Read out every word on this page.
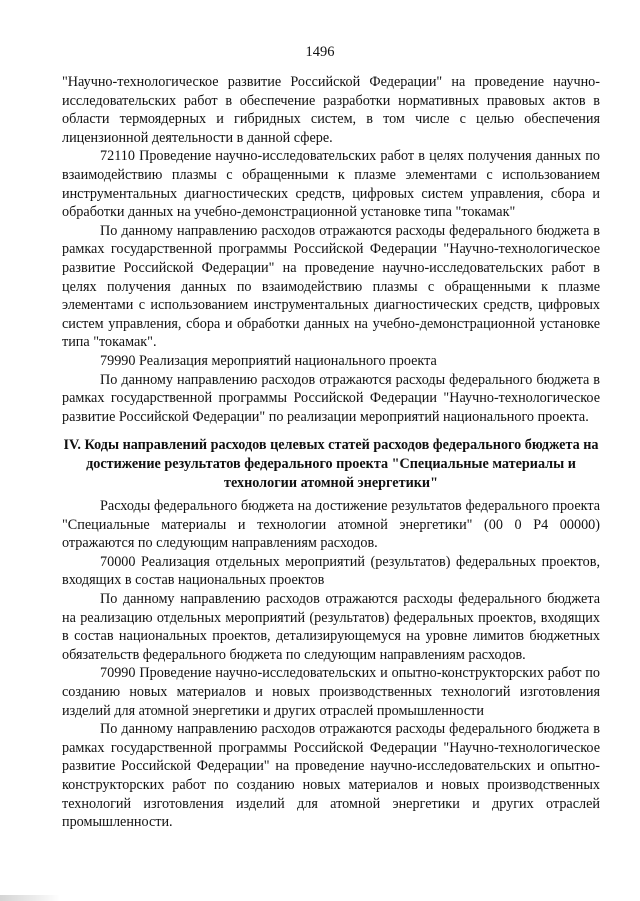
1496

"Научно-технологическое развитие Российской Федерации" на проведение научно-исследовательских работ в обеспечение разработки нормативных правовых актов в области термоядерных и гибридных систем, в том числе с целью обеспечения лицензионной деятельности в данной сфере.

72110 Проведение научно-исследовательских работ в целях получения данных по взаимодействию плазмы с обращенными к плазме элементами с использованием инструментальных диагностических средств, цифровых систем управления, сбора и обработки данных на учебно-демонстрационной установке типа "токамак"

По данному направлению расходов отражаются расходы федерального бюджета в рамках государственной программы Российской Федерации "Научно-технологическое развитие Российской Федерации" на проведение научно-исследовательских работ в целях получения данных по взаимодействию плазмы с обращенными к плазме элементами с использованием инструментальных диагностических средств, цифровых систем управления, сбора и обработки данных на учебно-демонстрационной установке типа "токамак".

79990 Реализация мероприятий национального проекта

По данному направлению расходов отражаются расходы федерального бюджета в рамках государственной программы Российской Федерации "Научно-технологическое развитие Российской Федерации" по реализации мероприятий национального проекта.

IV. Коды направлений расходов целевых статей расходов федерального бюджета на достижение результатов федерального проекта "Специальные материалы и технологии атомной энергетики"

Расходы федерального бюджета на достижение результатов федерального проекта "Специальные материалы и технологии атомной энергетики" (00 0 Р4 00000) отражаются по следующим направлениям расходов.

70000 Реализация отдельных мероприятий (результатов) федеральных проектов, входящих в состав национальных проектов

По данному направлению расходов отражаются расходы федерального бюджета на реализацию отдельных мероприятий (результатов) федеральных проектов, входящих в состав национальных проектов, детализирующемуся на уровне лимитов бюджетных обязательств федерального бюджета по следующим направлениям расходов.

70990 Проведение научно-исследовательских и опытно-конструкторских работ по созданию новых материалов и новых производственных технологий изготовления изделий для атомной энергетики и других отраслей промышленности

По данному направлению расходов отражаются расходы федерального бюджета в рамках государственной программы Российской Федерации "Научно-технологическое развитие Российской Федерации" на проведение научно-исследовательских и опытно-конструкторских работ по созданию новых материалов и новых производственных технологий изготовления изделий для атомной энергетики и других отраслей промышленности.
